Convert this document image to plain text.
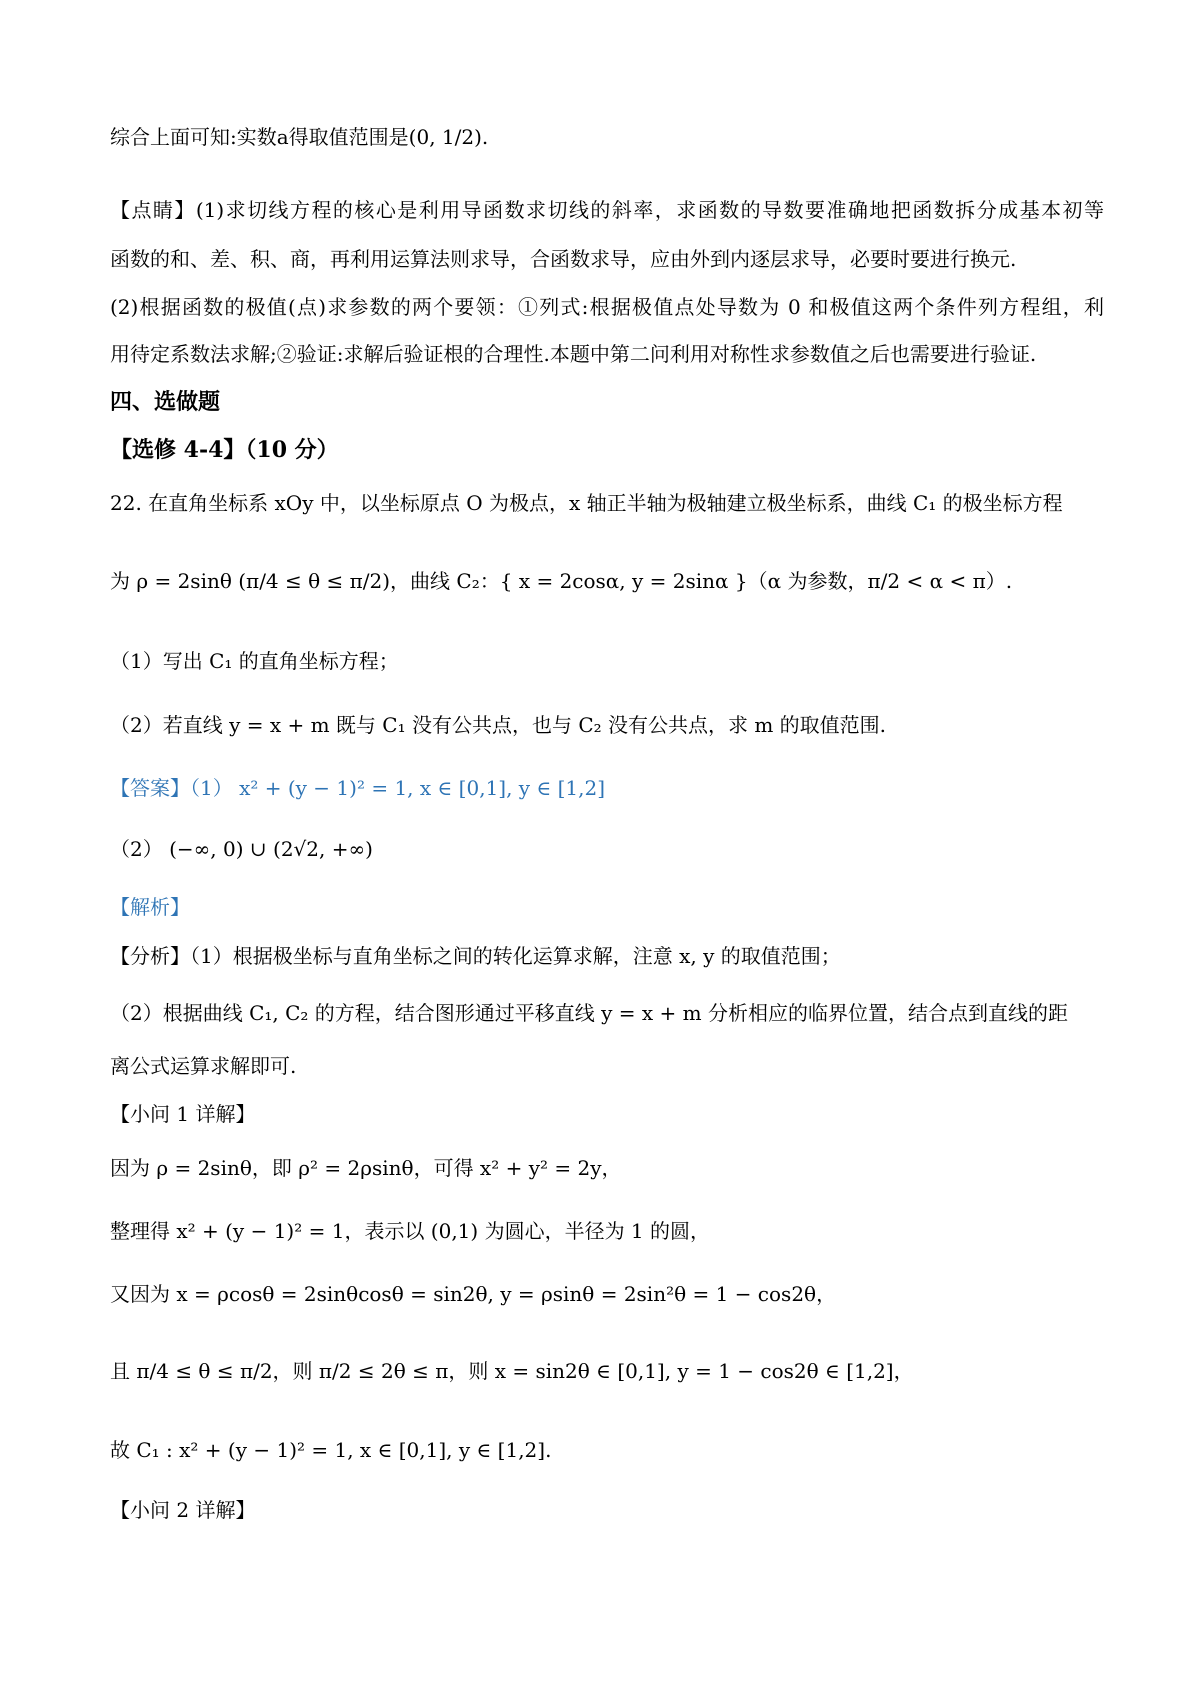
综合上面可知:实数a得取值范围是(0, 1/2).
【点睛】(1)求切线方程的核心是利用导函数求切线的斜率，求函数的导数要准确地把函数拆分成基本初等
函数的和、差、积、商，再利用运算法则求导，合函数求导，应由外到内逐层求导，必要时要进行换元.
(2)根据函数的极值(点)求参数的两个要领：①列式:根据极值点处导数为 0 和极值这两个条件列方程组，利
用待定系数法求解;②验证:求解后验证根的合理性.本题中第二问利用对称性求参数值之后也需要进行验证.
四、选做题
【选修 4-4】（10 分）
22. 在直角坐标系 xOy 中，以坐标原点 O 为极点，x 轴正半轴为极轴建立极坐标系，曲线 C₁ 的极坐标方程
为 ρ = 2sinθ (π/4 ≤ θ ≤ π/2)，曲线 C₂：{ x = 2cosα, y = 2sinα }（α 为参数，π/2 < α < π）.
（1）写出 C₁ 的直角坐标方程；
（2）若直线 y = x + m 既与 C₁ 没有公共点，也与 C₂ 没有公共点，求 m 的取值范围.
【答案】（1） x² + (y − 1)² = 1, x ∈ [0,1], y ∈ [1,2]
（2） (−∞, 0) ∪ (2√2, +∞)
【解析】
【分析】（1）根据极坐标与直角坐标之间的转化运算求解，注意 x, y 的取值范围；
（2）根据曲线 C₁, C₂ 的方程，结合图形通过平移直线 y = x + m 分析相应的临界位置，结合点到直线的距
离公式运算求解即可.
【小问 1 详解】
因为 ρ = 2sinθ，即 ρ² = 2ρsinθ，可得 x² + y² = 2y，
整理得 x² + (y − 1)² = 1，表示以 (0,1) 为圆心，半径为 1 的圆，
又因为 x = ρcosθ = 2sinθcosθ = sin2θ, y = ρsinθ = 2sin²θ = 1 − cos2θ，
且 π/4 ≤ θ ≤ π/2，则 π/2 ≤ 2θ ≤ π，则 x = sin2θ ∈ [0,1], y = 1 − cos2θ ∈ [1,2]，
故 C₁ : x² + (y − 1)² = 1, x ∈ [0,1], y ∈ [1,2].
【小问 2 详解】
